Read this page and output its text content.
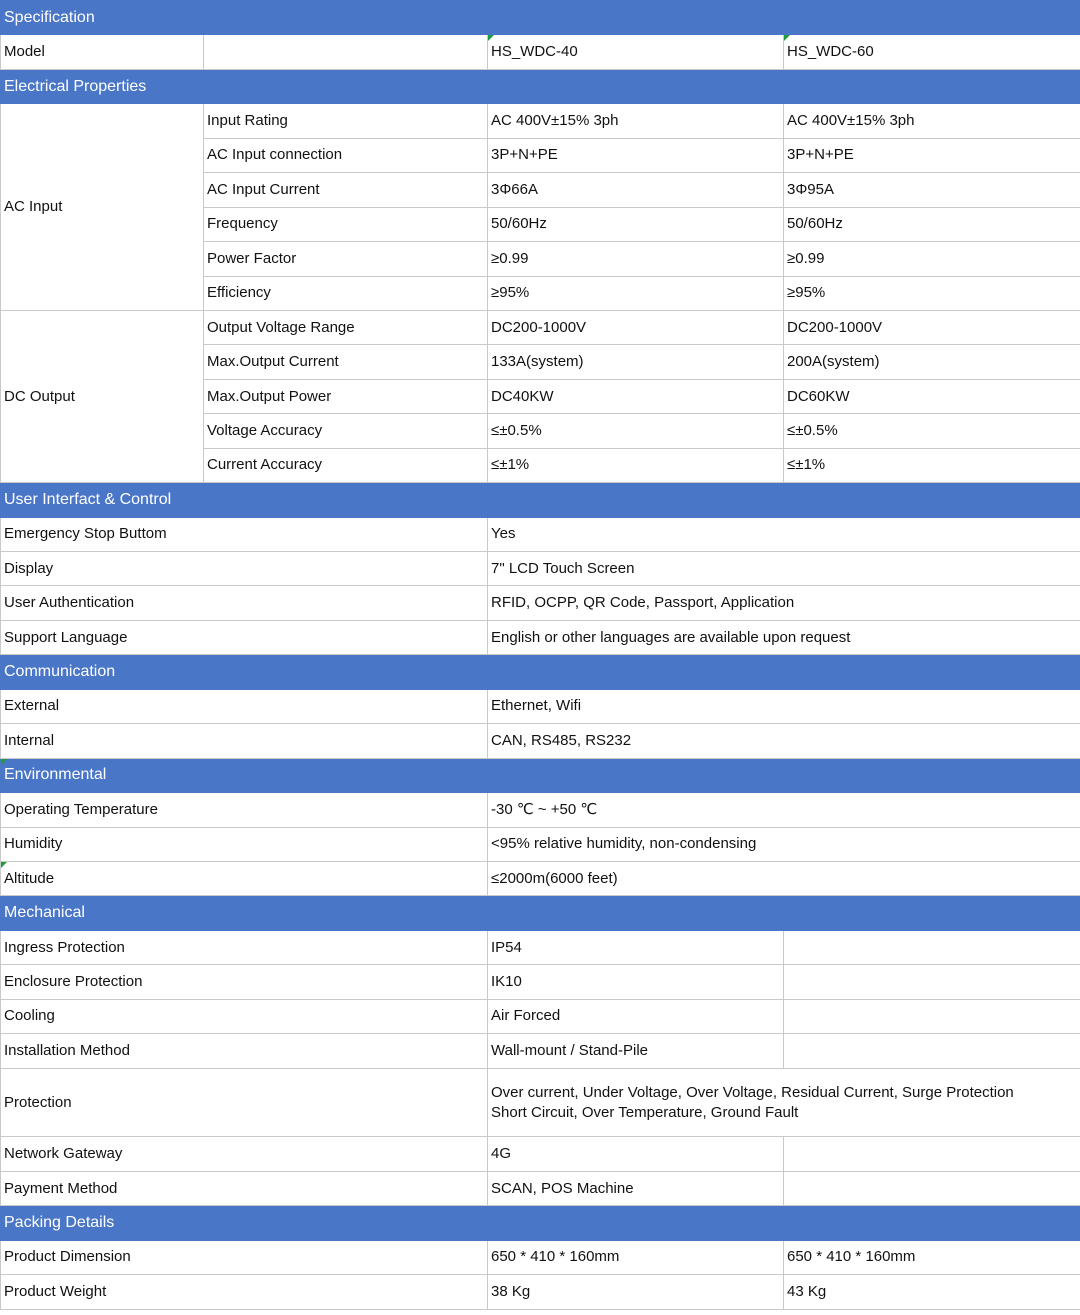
Specification			
Model		HS_WDC-40	HS_WDC-60
Electrical Properties			
AC Input	Input Rating	AC 400V±15% 3ph	AC 400V±15% 3ph
	AC Input connection	3P+N+PE	3P+N+PE
	AC Input Current	3Φ66A	3Φ95A
	Frequency	50/60Hz	50/60Hz
	Power Factor	≥0.99	≥0.99
	Efficiency	≥95%	≥95%
DC Output	Output Voltage Range	DC200-1000V	DC200-1000V
	Max.Output Current	133A(system)	200A(system)
	Max.Output Power	DC40KW	DC60KW
	Voltage Accuracy	≤±0.5%	≤±0.5%
	Current Accuracy	≤±1%	≤±1%
User Interfact & Control			
Emergency Stop Buttom		Yes	
Display		7" LCD Touch Screen	
User Authentication		RFID, OCPP, QR Code, Passport, Application	
Support Language		English or other languages are available upon request	
Communication			
External		Ethernet, Wifi	
Internal		CAN, RS485, RS232	
Environmental			
Operating Temperature		-30 ℃ ~ +50 ℃	
Humidity		<95% relative humidity, non-condensing	
Altitude		≤2000m(6000 feet)	
Mechanical			
Ingress Protection		IP54	
Enclosure Protection		IK10	
Cooling		Air Forced	
Installation Method		Wall-mount / Stand-Pile	
Protection		Over current, Under Voltage, Over Voltage, Residual Current, Surge Protection
Short Circuit, Over Temperature, Ground Fault	

Network Gateway		4G	
Payment Method		SCAN, POS Machine	
Packing Details			
Product Dimension		650 * 410 * 160mm	650 * 410 * 160mm
Product Weight		38 Kg	43 Kg
